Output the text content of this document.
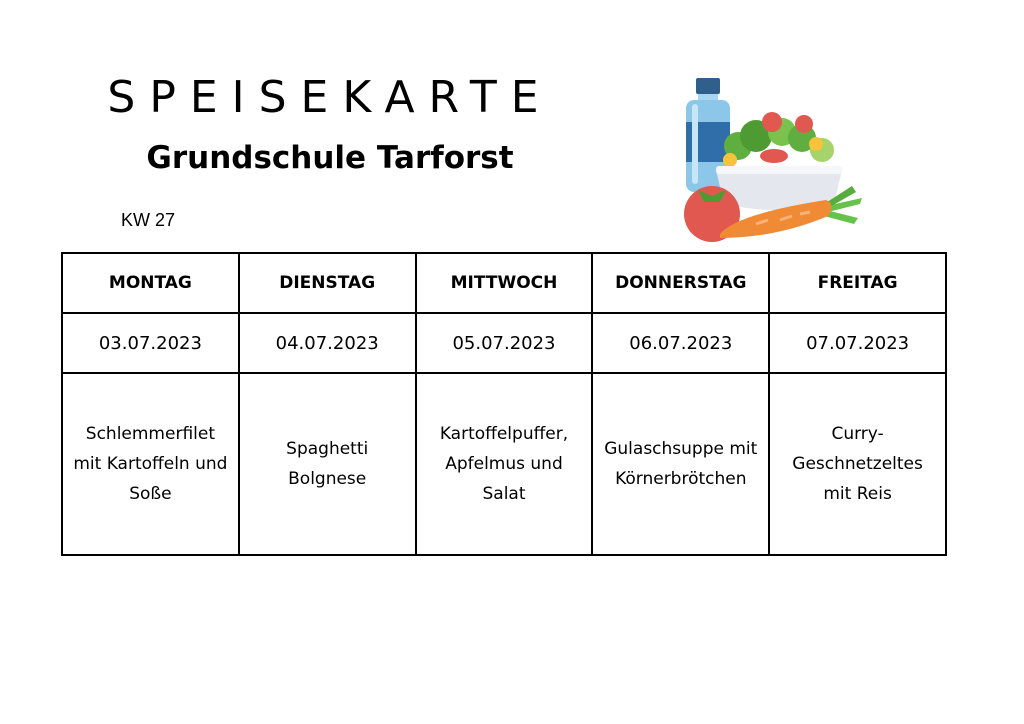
SPEISEKARTE
Grundschule Tarforst
KW 27
MONTAG	DIENSTAG	MITTWOCH	DONNERSTAG	FREITAG
03.07.2023	04.07.2023	05.07.2023	06.07.2023	07.07.2023
Schlemmerfilet
mit Kartoffeln und
Soße	Spaghetti
Bolgnese	Kartoffelpuffer,
Apfelmus und
Salat	Gulaschsuppe mit
Körnerbrötchen	Curry-
Geschnetzeltes
mit Reis
